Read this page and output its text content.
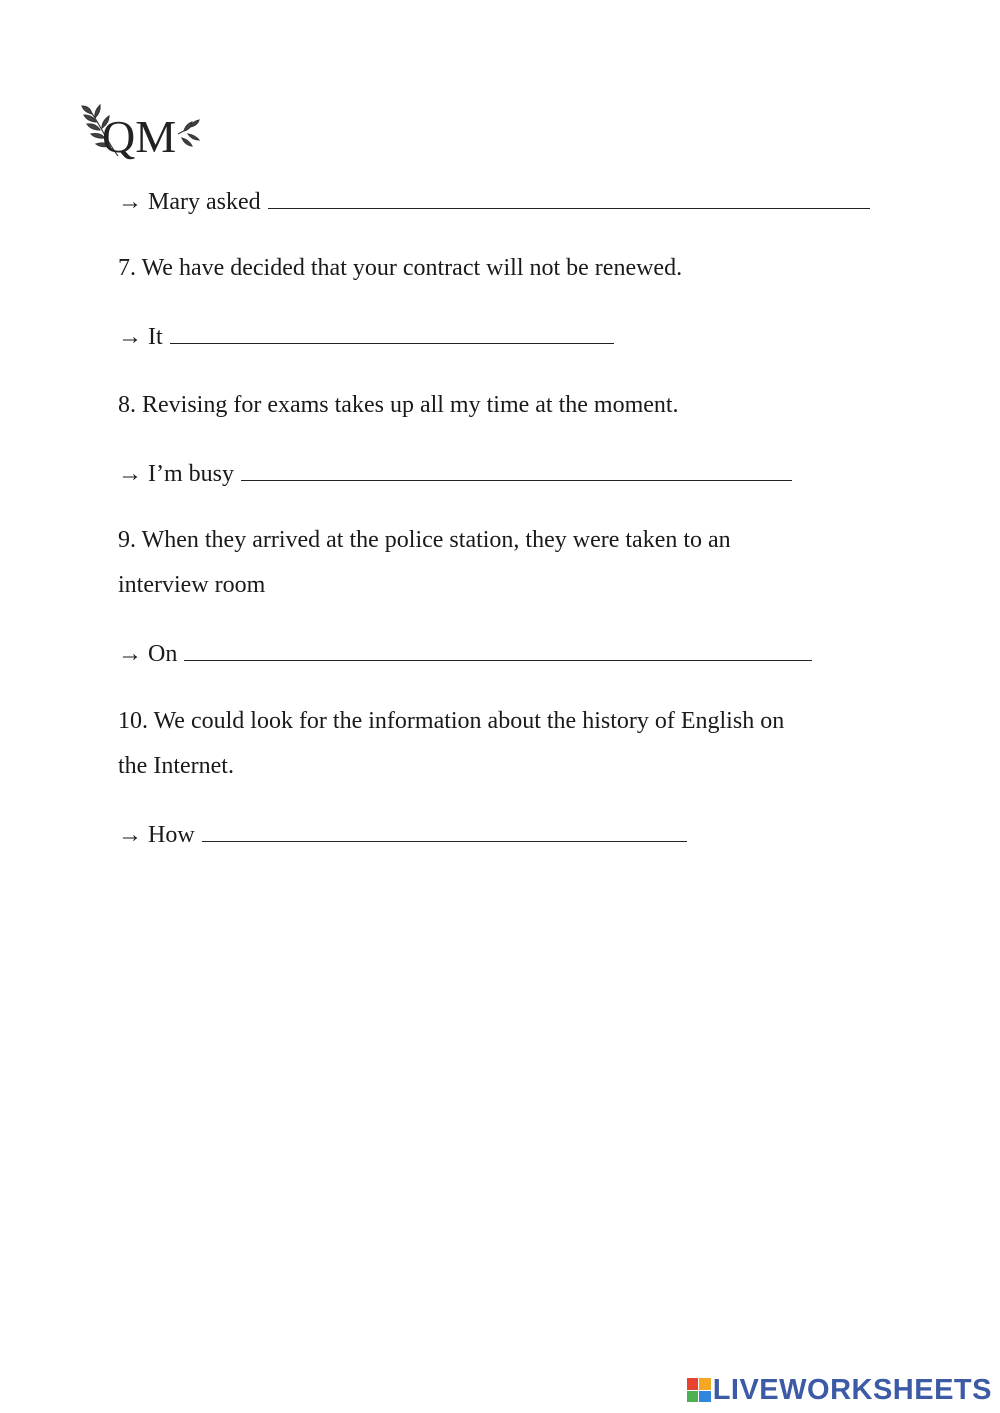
QM
→ Mary asked
7. We have decided that your contract will not be renewed.
→ It
8. Revising for exams takes up all my time at the moment.
→ I’m busy
9. When they arrived at the police station, they were taken to an
interview room
→ On
10. We could look for the information about the history of English on
the Internet.
→ How
LIVEWORKSHEETS
